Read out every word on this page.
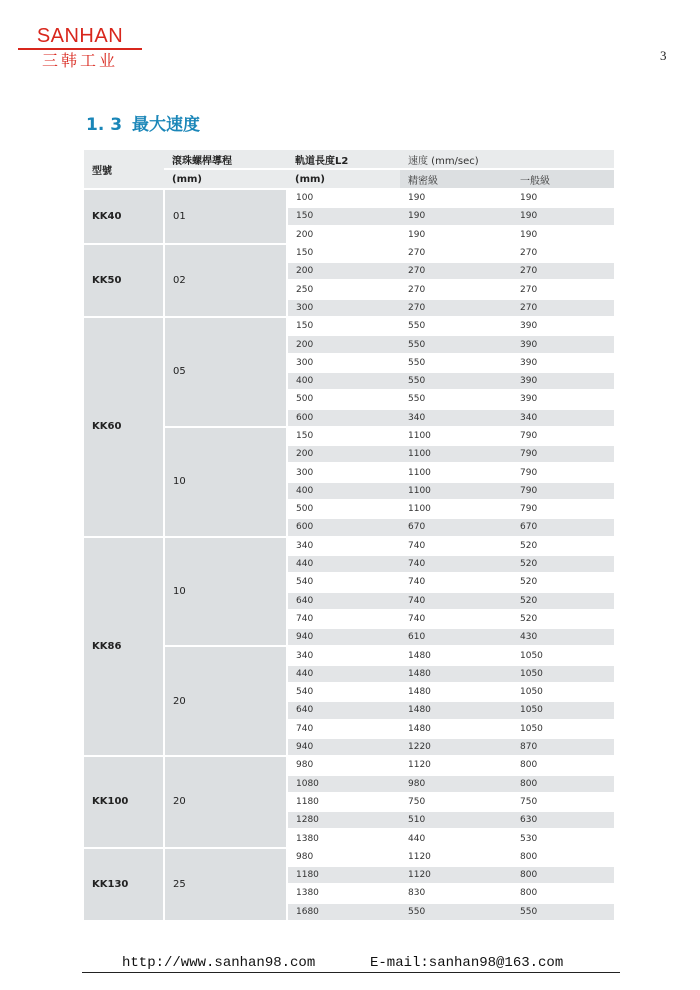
SANHAN
三韩工业	3
1. 3 最大速度
型號	滾珠螺桿導程	軌道長度L2	速度 (mm/sec)	
	(mm)	(mm)	精密級	一般級
KK40	01	100	190	190
		150	190	190
		200	190	190
KK50	02	150	270	270
		200	270	270
		250	270	270
		300	270	270
KK60	05	150	550	390
		200	550	390
		300	550	390
		400	550	390
		500	550	390
		600	340	340
	10	150	1100	790
		200	1100	790
		300	1100	790
		400	1100	790
		500	1100	790
		600	670	670
KK86	10	340	740	520
		440	740	520
		540	740	520
		640	740	520
		740	740	520
		940	610	430
	20	340	1480	1050
		440	1480	1050
		540	1480	1050
		640	1480	1050
		740	1480	1050
		940	1220	870
KK100	20	980	1120	800
		1080	980	800
		1180	750	750
		1280	510	630
		1380	440	530
KK130	25	980	1120	800
		1180	1120	800
		1380	830	800
		1680	550	550
http://www.sanhan98.com	E-mail:sanhan98@163.com
